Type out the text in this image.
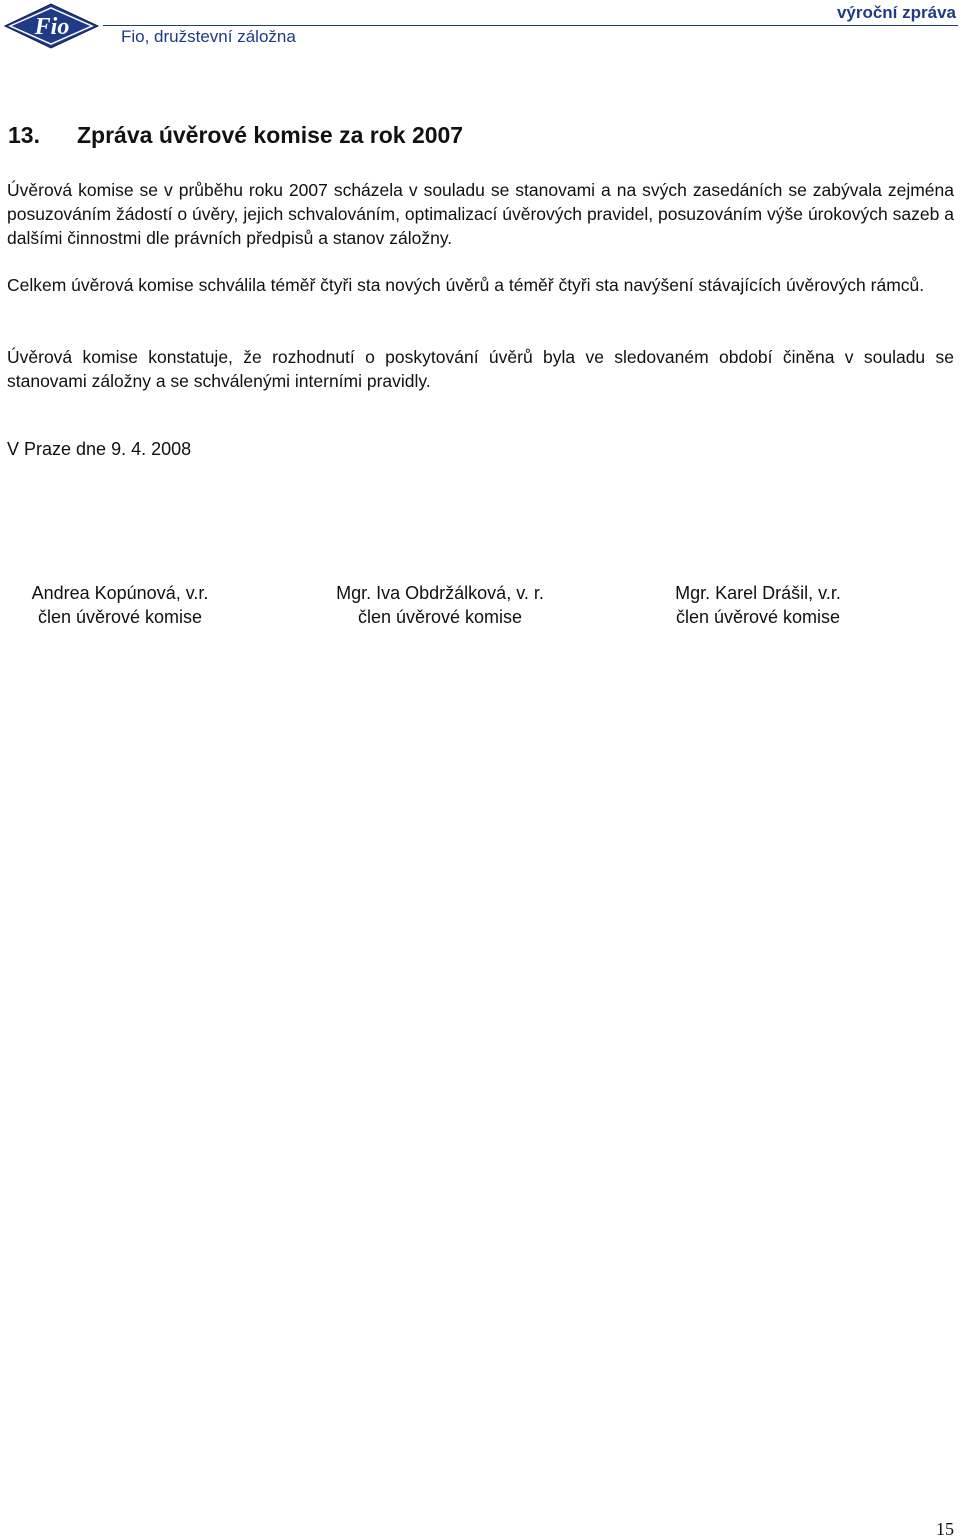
Fio	Fio, družstevní záložna
výroční zpráva
13. Zpráva úvěrové komise za rok 2007

Úvěrová komise se v průběhu roku 2007 scházela v souladu se stanovami a na svých zasedáních se zabývala zejména posuzováním žádostí o úvěry, jejich schvalováním, optimalizací úvěrových pravidel, posuzováním výše úrokových sazeb a dalšími činnostmi dle právních předpisů a stanov záložny.

Celkem úvěrová komise schválila téměř čtyři sta nových úvěrů a téměř čtyři sta navýšení stávajících úvěrových rámců.

Úvěrová komise konstatuje, že rozhodnutí o poskytování úvěrů byla ve sledovaném období činěna v souladu se stanovami záložny a se schválenými interními pravidly.

V Praze dne 9. 4. 2008
Andrea Kopúnová, v.r.
člen úvěrové komise
Mgr. Iva Obdržálková, v. r.
člen úvěrové komise
Mgr. Karel Drášil, v.r.
člen úvěrové komise
15
